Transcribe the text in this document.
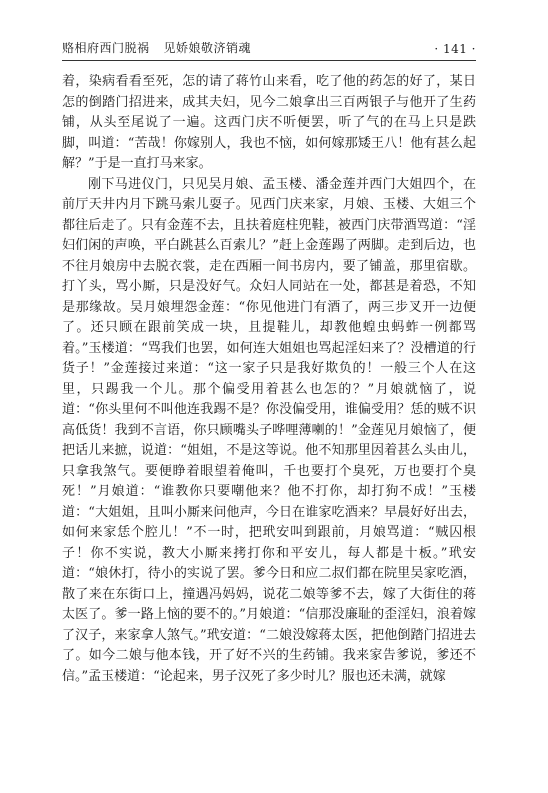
赂相府西门脱祸 见娇娘敬济销魂	· 141 ·

着，染病看看至死，怎的请了蒋竹山来看，吃了他的药怎的好了，某日怎的倒踏门招进来，成其夫妇，见今二娘拿出三百两银子与他开了生药铺，从头至尾说了一遍。这西门庆不听便罢，听了气的在马上只是跌脚，叫道：“苦哉！你嫁别人，我也不恼，如何嫁那矮王八！他有甚么起解？”于是一直打马来家。

刚下马进仪门，只见吴月娘、孟玉楼、潘金莲并西门大姐四个，在前厅天井内月下跳马索儿耍子。见西门庆来家，月娘、玉楼、大姐三个都往后走了。只有金莲不去，且扶着庭柱兜鞋，被西门庆带酒骂道：“淫妇们闲的声唤，平白跳甚么百索儿？”赶上金莲踢了两脚。走到后边，也不往月娘房中去脱衣裳，走在西厢一间书房内，要了铺盖，那里宿歇。打丫头，骂小厮，只是没好气。众妇人同站在一处，都甚是着恐，不知是那缘故。吴月娘埋怨金莲：“你见他进门有酒了，两三步叉开一边便了。还只顾在跟前笑成一块，且提鞋儿，却教他蝗虫蚂蚱一例都骂着。”玉楼道：“骂我们也罢，如何连大姐姐也骂起淫妇来了？没槽道的行货子！”金莲接过来道：“这一家子只是我好欺负的！一般三个人在这里，只踢我一个儿。那个偏受用着甚么也怎的？”月娘就恼了，说道：“你头里何不叫他连我踢不是？你没偏受用，谁偏受用？恁的贼不识高低货！我到不言语，你只顾嘴头子哗哩薄喇的！”金莲见月娘恼了，便把话儿来摭，说道：“姐姐，不是这等说。他不知那里因着甚么头由儿，只拿我煞气。要便睁着眼望着俺叫，千也要打个臭死，万也要打个臭死！”月娘道：“谁教你只要嘲他来？他不打你，却打狗不成！”玉楼道：“大姐姐，且叫小厮来问他声，今日在谁家吃酒来？早晨好好出去，如何来家恁个腔儿！”不一时，把玳安叫到跟前，月娘骂道：“贼囚根子！你不实说，教大小厮来拷打你和平安儿，每人都是十板。”玳安道：“娘休打，待小的实说了罢。爹今日和应二叔们都在院里吴家吃酒，散了来在东街口上，撞遇冯妈妈，说花二娘等爹不去，嫁了大街住的蒋太医了。爹一路上恼的要不的。”月娘道：“信那没廉耻的歪淫妇，浪着嫁了汉子，来家拿人煞气。”玳安道：“二娘没嫁蒋太医，把他倒踏门招进去了。如今二娘与他本钱，开了好不兴的生药铺。我来家告爹说，爹还不信。”孟玉楼道：“论起来，男子汉死了多少时儿？服也还未满，就嫁
